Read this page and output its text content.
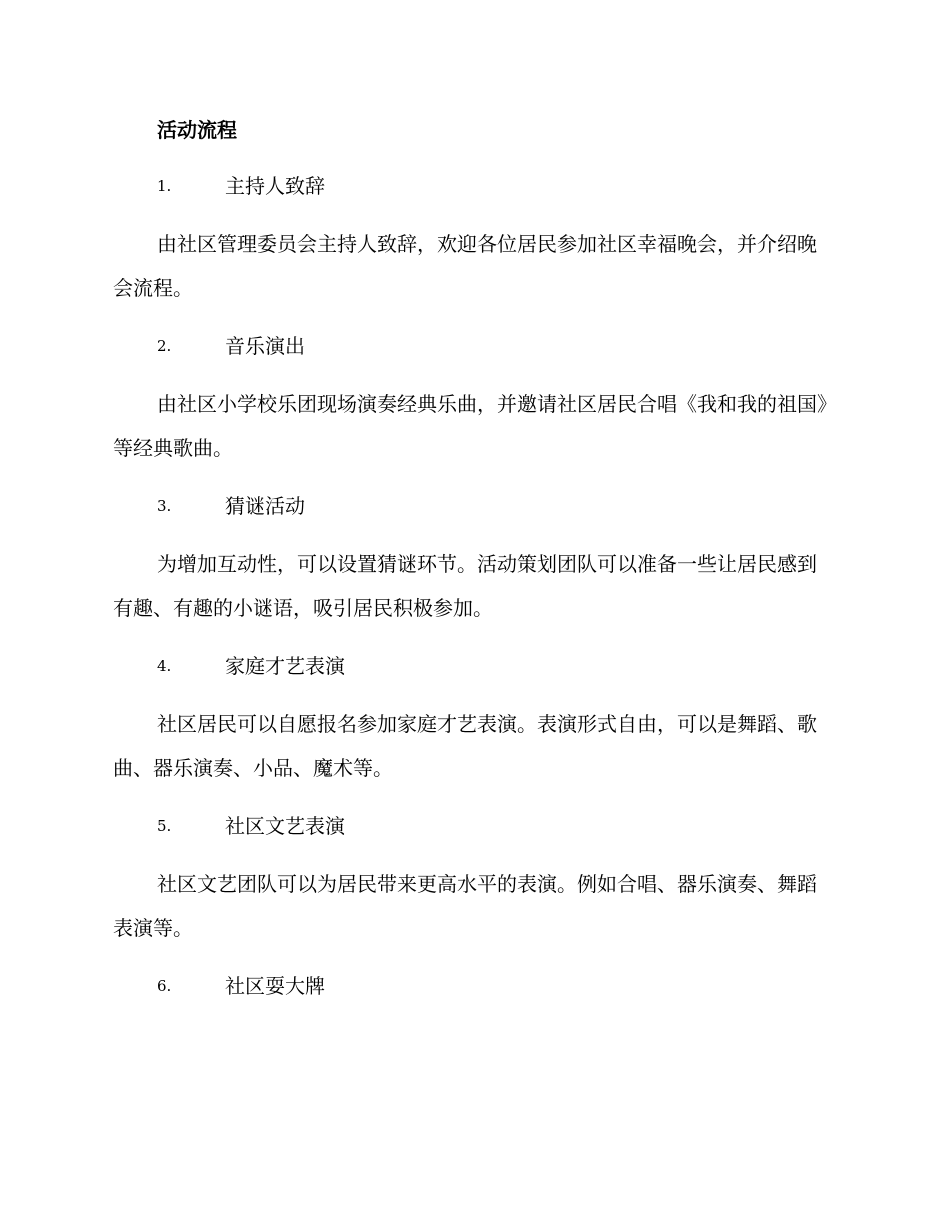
活动流程
1.	主持人致辞

由社区管理委员会主持人致辞，欢迎各位居民参加社区幸福晚会，并介绍晚会流程。

2.	音乐演出

由社区小学校乐团现场演奏经典乐曲，并邀请社区居民合唱《我和我的祖国》等经典歌曲。

3.	猜谜活动

为增加互动性，可以设置猜谜环节。活动策划团队可以准备一些让居民感到有趣、有趣的小谜语，吸引居民积极参加。

4.	家庭才艺表演

社区居民可以自愿报名参加家庭才艺表演。表演形式自由，可以是舞蹈、歌曲、器乐演奏、小品、魔术等。

5.	社区文艺表演

社区文艺团队可以为居民带来更高水平的表演。例如合唱、器乐演奏、舞蹈表演等。

6.	社区耍大牌
